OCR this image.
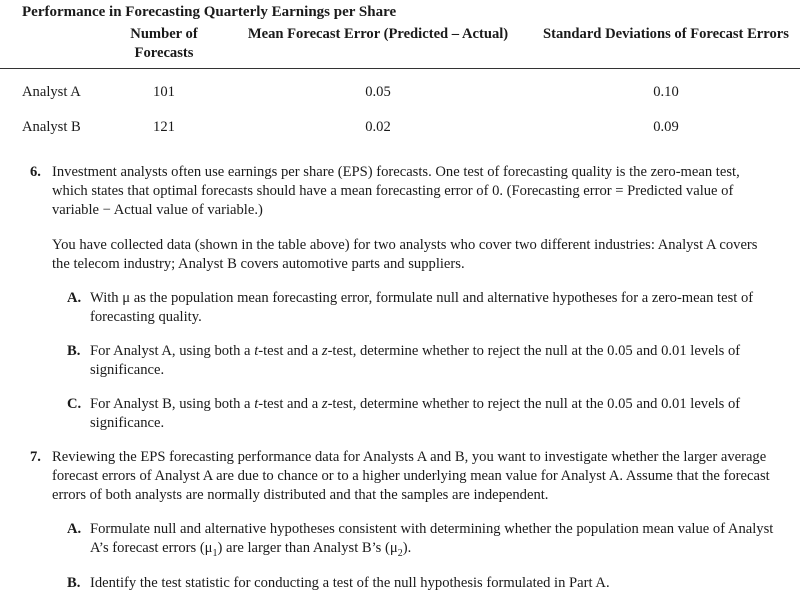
Performance in Forecasting Quarterly Earnings per Share
	Number of Forecasts	Mean Forecast Error (Predicted – Actual)	Standard Deviations of Forecast Errors
Analyst A	101	0.05	0.10
Analyst B	121	0.02	0.09
6. Investment analysts often use earnings per share (EPS) forecasts. One test of forecasting quality is the zero-mean test, which states that optimal forecasts should have a mean forecasting error of 0. (Forecasting error = Predicted value of variable − Actual value of variable.)

You have collected data (shown in the table above) for two analysts who cover two different industries: Analyst A covers the telecom industry; Analyst B covers automotive parts and suppliers.

A. With μ as the population mean forecasting error, formulate null and alternative hypotheses for a zero-mean test of forecasting quality.

B. For Analyst A, using both a t-test and a z-test, determine whether to reject the null at the 0.05 and 0.01 levels of significance.

C. For Analyst B, using both a t-test and a z-test, determine whether to reject the null at the 0.05 and 0.01 levels of significance.

7. Reviewing the EPS forecasting performance data for Analysts A and B, you want to investigate whether the larger average forecast errors of Analyst A are due to chance or to a higher underlying mean value for Analyst A. Assume that the forecast errors of both analysts are normally distributed and that the samples are independent.

A. Formulate null and alternative hypotheses consistent with determining whether the population mean value of Analyst A’s forecast errors $(\mu_1)$ are larger than Analyst B’s $(\mu_2)$.

B. Identify the test statistic for conducting a test of the null hypothesis formulated in Part A.
